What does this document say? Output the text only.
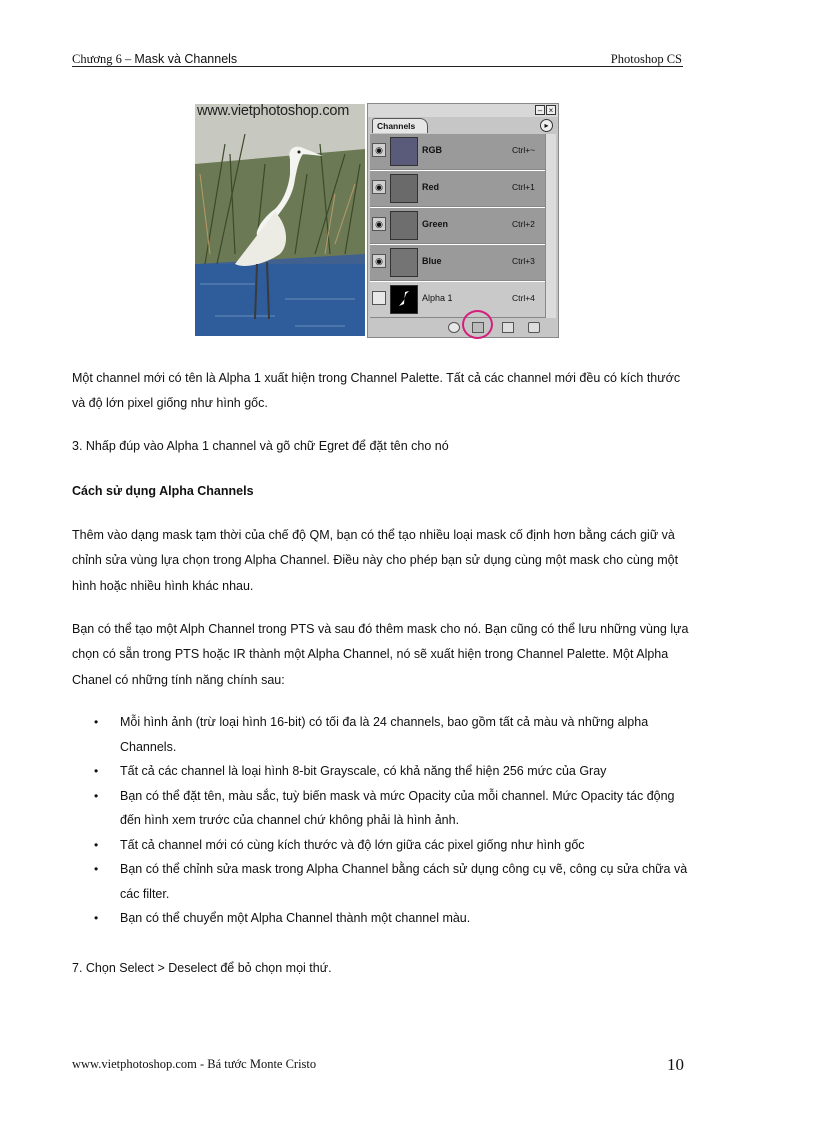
Chương 6 – Mask và Channels	Photoshop CS
www.vietphotoshop.com	– ×
Channels	▸
◉	RGB	Ctrl+~
◉	Red	Ctrl+1
◉	Green	Ctrl+2
◉	Blue	Ctrl+3
Alpha 1	Ctrl+4
Một channel mới có tên là Alpha 1 xuất hiện trong Channel Palette. Tất cả các channel mới đều có kích thước và độ lớn pixel giống như hình gốc.
3. Nhấp đúp vào Alpha 1 channel và gõ chữ Egret để đặt tên cho nó
Cách sử dụng Alpha Channels
Thêm vào dạng mask tạm thời của chế độ QM, bạn có thể tạo nhiều loại mask cố định hơn bằng cách giữ và chỉnh sửa vùng lựa chọn trong Alpha Channel. Điều này cho phép bạn sử dụng cùng một mask cho cùng một hình hoặc nhiều hình khác nhau.
Bạn có thể tạo một Alph Channel trong PTS và sau đó thêm mask cho nó. Bạn cũng có thể lưu những vùng lựa chọn có sẵn trong PTS hoặc IR thành một Alpha Channel, nó sẽ xuất hiện trong Channel Palette. Một Alpha Chanel có những tính năng chính sau:
• Mỗi hình ảnh (trừ loại hình 16-bit) có tối đa là 24 channels, bao gồm tất cả màu và những alpha Channels.
• Tất cả các channel là loại hình 8-bit Grayscale, có khả năng thể hiện 256 mức của Gray
• Bạn có thể đặt tên, màu sắc, tuỳ biến mask và mức Opacity của mỗi channel. Mức Opacity tác động đến hình xem trước của channel chứ không phải là hình ảnh.
• Tất cả channel mới có cùng kích thước và độ lớn giữa các pixel giống như hình gốc
• Bạn có thể chỉnh sửa mask trong Alpha Channel bằng cách sử dụng công cụ vẽ, công cụ sửa chữa và các filter.
• Bạn có thể chuyển một Alpha Channel thành một channel màu.
7. Chọn Select > Deselect để bỏ chọn mọi thứ.
www.vietphotoshop.com - Bá tước Monte Cristo	10
